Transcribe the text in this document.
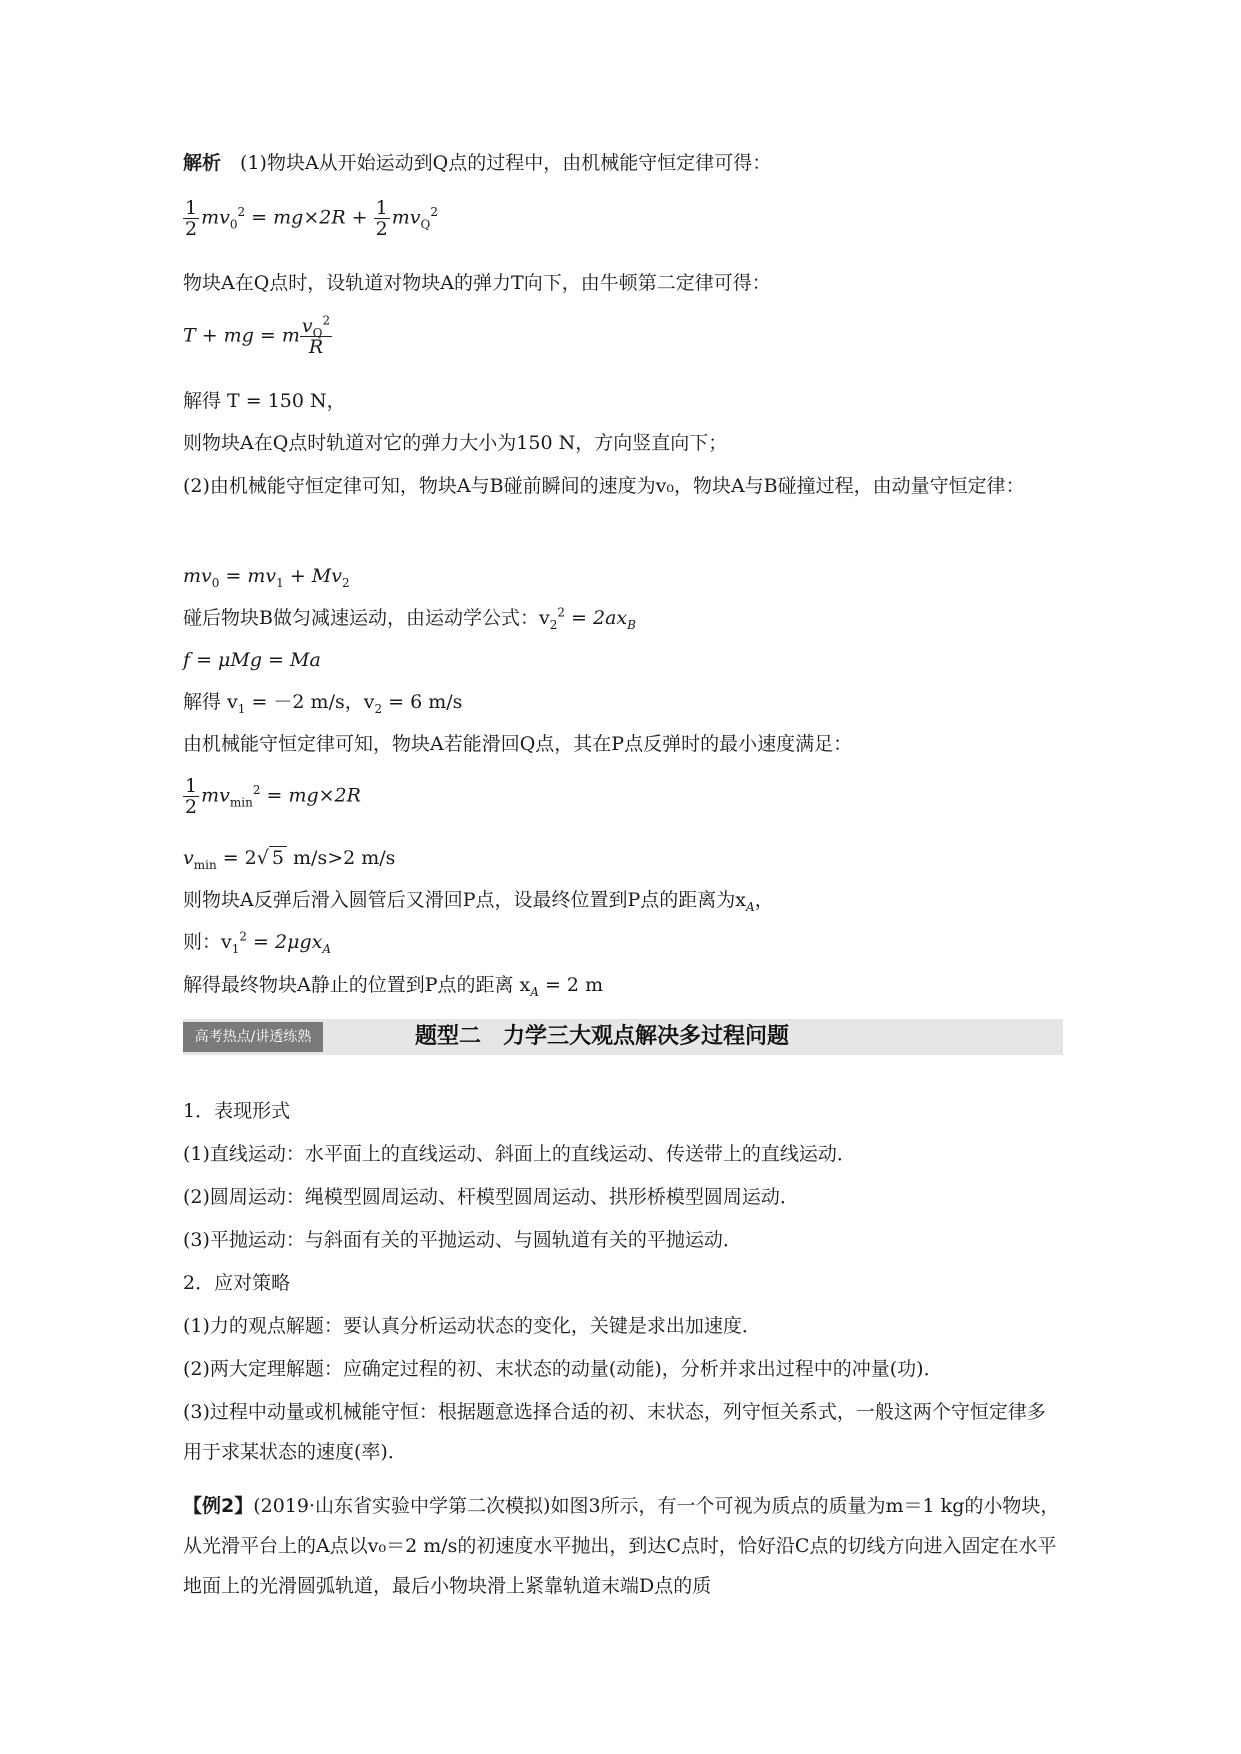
解析　 (1)物块A从开始运动到Q点的过程中，由机械能守恒定律可得：
$\frac{1}{2} mv_0^2 = mg\times 2R + \frac{1}{2} mv_Q^2$
物块A在Q点时，设轨道对物块A的弹力T向下，由牛顿第二定律可得：
T + mg = m $\frac{v_Q^2}{R}$
解得 T = 150 N，
则物块A在Q点时轨道对它的弹力大小为150 N，方向竖直向下；
(2)由机械能守恒定律可知，物块A与B碰前瞬间的速度为v₀，物块A与B碰撞过程，由动量守恒定律：
$mv_0 = mv_1 + Mv_2$
碰后物块B做匀减速运动，由运动学公式：$v_2^2 = 2ax_B$
f = μMg = Ma
解得 $v_1 = -2$ m/s，$v_2 = 6$ m/s
由机械能守恒定律可知，物块A若能滑回Q点，其在P点反弹时的最小速度满足：
$\frac{1}{2} mv_{min}^2 = mg\times 2R$
$v_{min} = 2√$ 5 m/s>2 m/s
则物块A反弹后滑入圆管后又滑回P点，设最终位置到P点的距离为$x_A$，
则：$v_1^2 = 2\mu gx_A$
解得最终物块A静止的位置到P点的距离 $x_A = 2$ m
高考热点/讲透练熟	题型二　力学三大观点解决多过程问题
1．表现形式
(1)直线运动：水平面上的直线运动、斜面上的直线运动、传送带上的直线运动．
(2)圆周运动：绳模型圆周运动、杆模型圆周运动、拱形桥模型圆周运动．
(3)平抛运动：与斜面有关的平抛运动、与圆轨道有关的平抛运动．
2．应对策略
(1)力的观点解题：要认真分析运动状态的变化，关键是求出加速度．
(2)两大定理解题：应确定过程的初、末状态的动量(动能)，分析并求出过程中的冲量(功)．
(3)过程中动量或机械能守恒：根据题意选择合适的初、末状态，列守恒关系式，一般这两个守恒定律多用于求某状态的速度(率)．
【例2】(2019·山东省实验中学第二次模拟)如图3所示，有一个可视为质点的质量为m＝1 kg的小物块，从光滑平台上的A点以v₀＝2 m/s的初速度水平抛出，到达C点时，恰好沿C点的切线方向进入固定在水平地面上的光滑圆弧轨道，最后小物块滑上紧靠轨道末端D点的质
